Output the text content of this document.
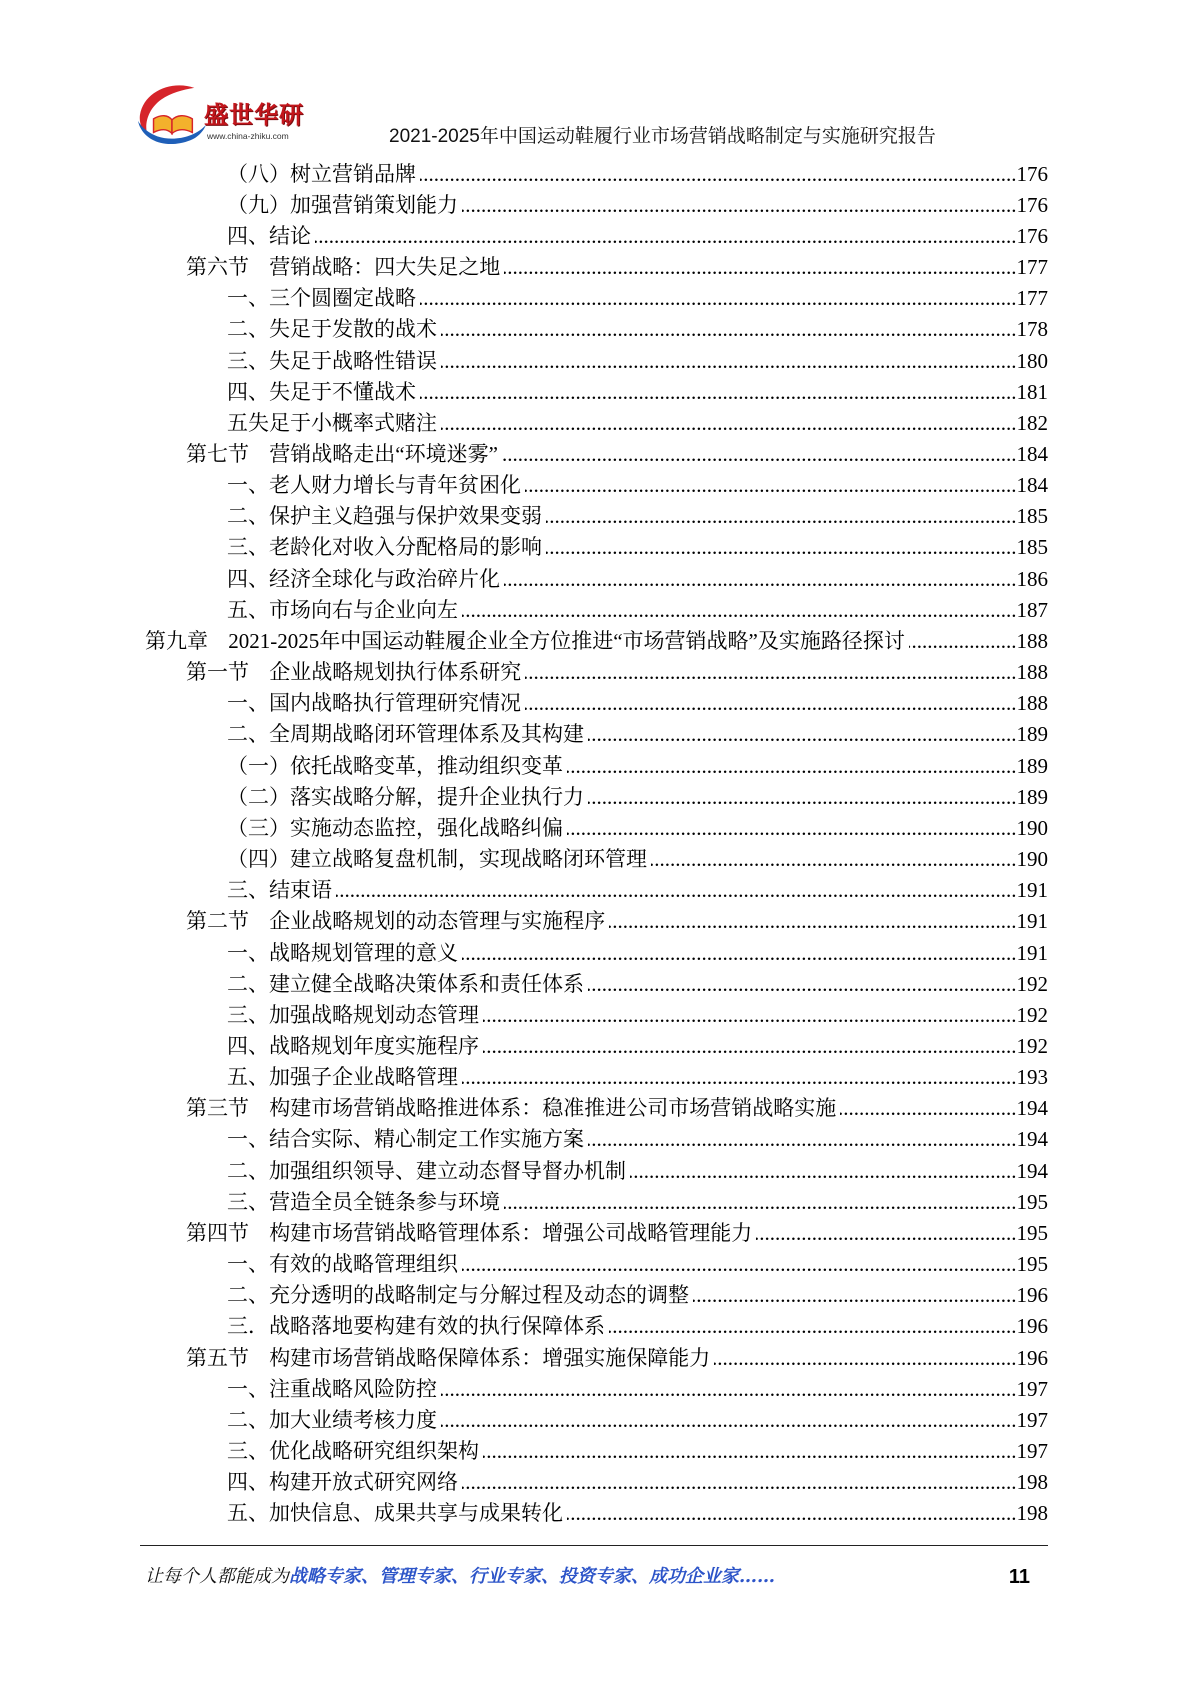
盛世华研
www.china-zhiku.com	2021-2025年中国运动鞋履行业市场营销战略制定与实施研究报告
（八）树立营销品牌 .....	176
（九）加强营销策划能力 .....	176
四、结论 .....	176
第六节 营销战略：四大失足之地 .....	177
一、三个圆圈定战略 .....	177
二、失足于发散的战术 .....	178
三、失足于战略性错误 .....	180
四、失足于不懂战术 .....	181
五失足于小概率式赌注 .....	182
第七节 营销战略走出“环境迷雾” .....	184
一、老人财力增长与青年贫困化 .....	184
二、保护主义趋强与保护效果变弱 .....	185
三、老龄化对收入分配格局的影响 .....	185
四、经济全球化与政治碎片化 .....	186
五、市场向右与企业向左 .....	187
第九章 2021-2025年中国运动鞋履企业全方位推进“市场营销战略”及实施路径探讨 .....	188
第一节 企业战略规划执行体系研究 .....	188
一、国内战略执行管理研究情况 .....	188
二、全周期战略闭环管理体系及其构建 .....	189
（一）依托战略变革，推动组织变革 .....	189
（二）落实战略分解，提升企业执行力 .....	189
（三）实施动态监控，强化战略纠偏 .....	190
（四）建立战略复盘机制，实现战略闭环管理 .....	190
三、结束语 .....	191
第二节 企业战略规划的动态管理与实施程序 .....	191
一、战略规划管理的意义 .....	191
二、建立健全战略决策体系和责任体系 .....	192
三、加强战略规划动态管理 .....	192
四、战略规划年度实施程序 .....	192
五、加强子企业战略管理 .....	193
第三节 构建市场营销战略推进体系：稳准推进公司市场营销战略实施 .....	194
一、结合实际、精心制定工作实施方案 .....	194
二、加强组织领导、建立动态督导督办机制 .....	194
三、营造全员全链条参与环境 .....	195
第四节 构建市场营销战略管理体系：增强公司战略管理能力 .....	195
一、有效的战略管理组织 .....	195
二、充分透明的战略制定与分解过程及动态的调整 .....	196
三．战略落地要构建有效的执行保障体系 .....	196
第五节 构建市场营销战略保障体系：增强实施保障能力 .....	196
一、注重战略风险防控 .....	197
二、加大业绩考核力度 .....	197
三、优化战略研究组织架构 .....	197
四、构建开放式研究网络 .....	198
五、加快信息、成果共享与成果转化 .....	198
让每个人都能成为战略专家、管理专家、行业专家、投资专家、成功企业家……	11
